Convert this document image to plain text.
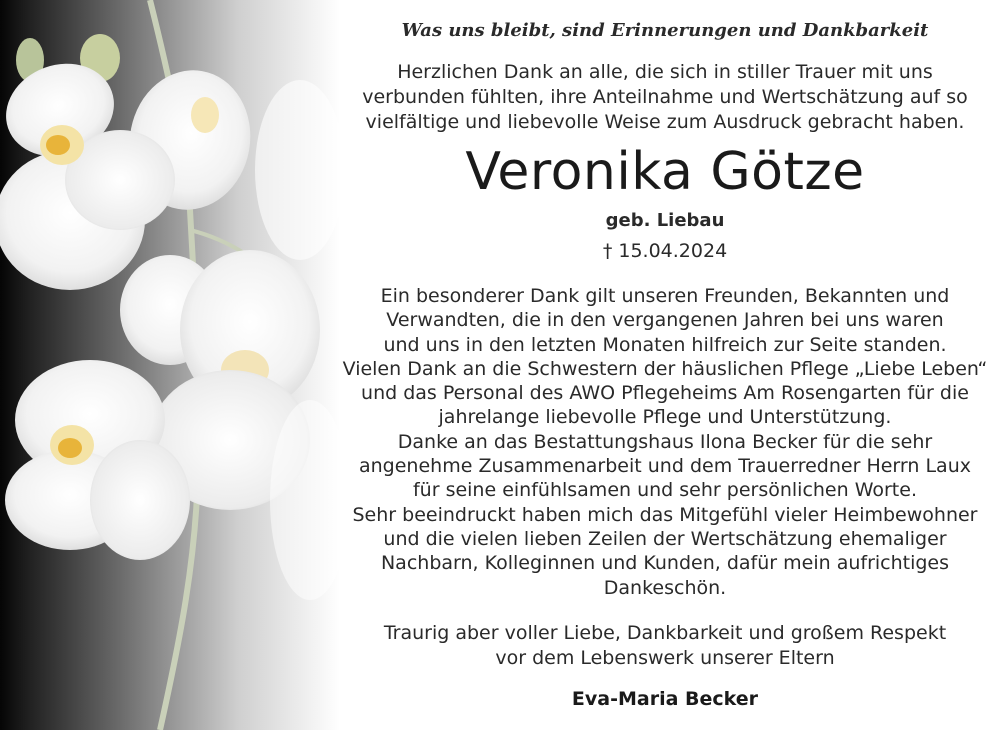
Was uns bleibt, sind Erinnerungen und Dankbarkeit
Herzlichen Dank an alle, die sich in stiller Trauer mit uns
verbunden fühlten, ihre Anteilnahme und Wertschätzung auf so
vielfältige und liebevolle Weise zum Ausdruck gebracht haben.
Veronika Götze
geb. Liebau
† 15.04.2024
Ein besonderer Dank gilt unseren Freunden, Bekannten und
Verwandten, die in den vergangenen Jahren bei uns waren
und uns in den letzten Monaten hilfreich zur Seite standen.
Vielen Dank an die Schwestern der häuslichen Pflege „Liebe Leben“
und das Personal des AWO Pflegeheims Am Rosengarten für die
jahrelange liebevolle Pflege und Unterstützung.
Danke an das Bestattungshaus Ilona Becker für die sehr
angenehme Zusammenarbeit und dem Trauerredner Herrn Laux
für seine einfühlsamen und sehr persönlichen Worte.
Sehr beeindruckt haben mich das Mitgefühl vieler Heimbewohner
und die vielen lieben Zeilen der Wertschätzung ehemaliger
Nachbarn, Kolleginnen und Kunden, dafür mein aufrichtiges
Dankeschön.
Traurig aber voller Liebe, Dankbarkeit und großem Respekt
vor dem Lebenswerk unserer Eltern
Eva-Maria Becker
